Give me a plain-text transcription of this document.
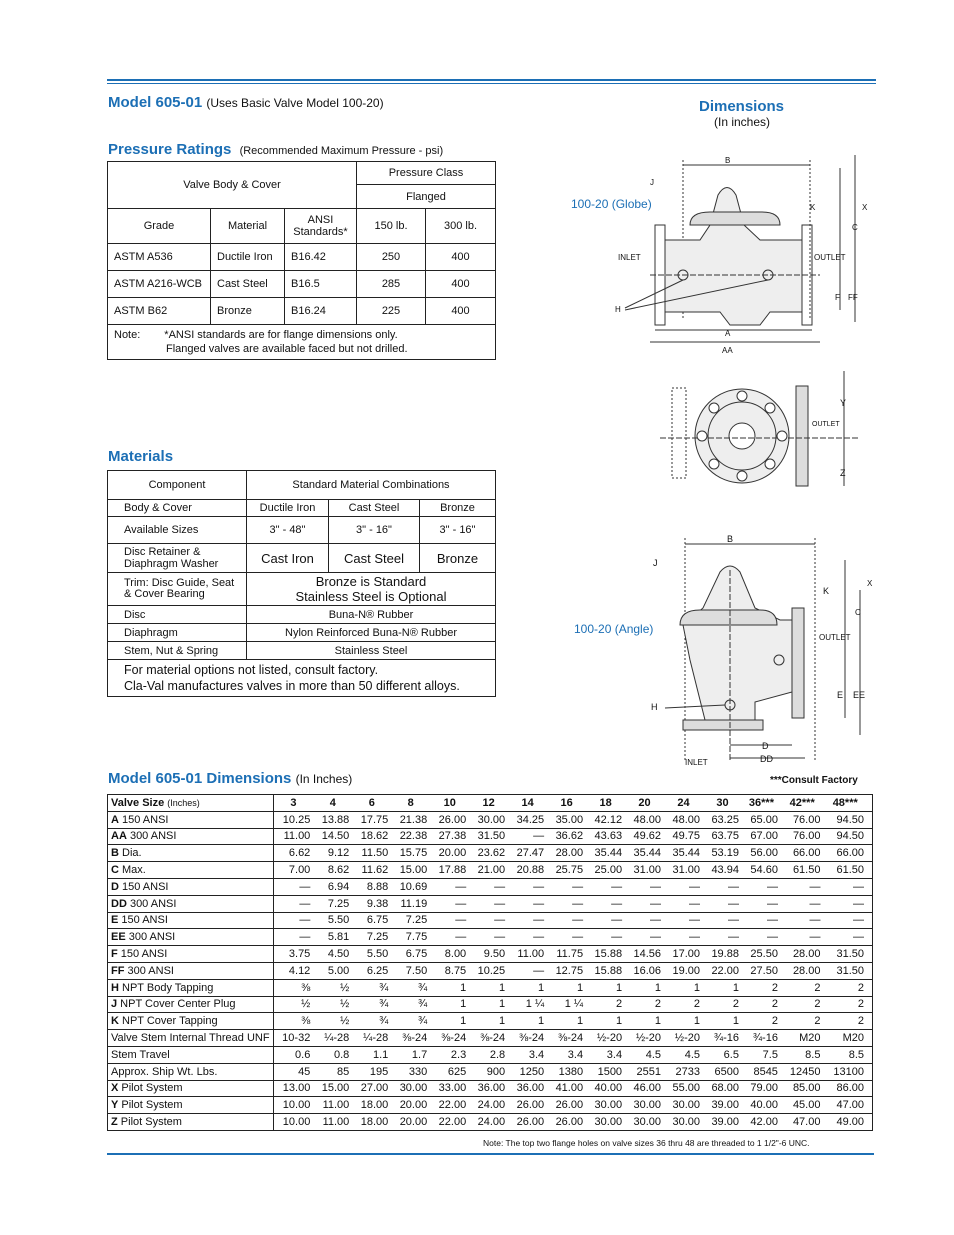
Model 605-01 (Uses Basic Valve Model 100-20)	Dimensions
(In inches)
Pressure Ratings (Recommended Maximum Pressure - psi)
Valve Body & Cover			Pressure Class	
			Flanged	
Grade	Material	ANSI Standards*	150 lb.	300 lb.
ASTM A536	Ductile Iron	B16.42	250	400
ASTM A216-WCB	Cast Steel	B16.5	285	400
ASTM B62	Bronze	B16.24	225	400
Note: *ANSI standards are for flange dimensions only.
Flanged valves are available faced but not drilled.				
Materials
Component	Standard Material Combinations		
Body & Cover	Ductile Iron	Cast Steel	Bronze
Available Sizes	3" - 48"	3" - 16"	3" - 16"
Disc Retainer & Diaphragm Washer	Cast Iron	Cast Steel	Bronze
Trim: Disc Guide, Seat & Cover Bearing	Bronze is Standard
Stainless Steel is Optional		
Disc	Buna-N® Rubber		
Diaphragm	Nylon Reinforced Buna-N® Rubber		
Stem, Nut & Spring	Stainless Steel		
For material options not listed, consult factory.
Cla-Val manufactures valves in more than 50 different alloys.			
100-20 (Globe)
B
J
K	X
C
INLET	OUTLET
H
F FF
A
AA
Y
Z
OUTLET
100-20 (Angle)
B
J
K
X
C
OUTLET
H
E EE
D
DD
INLET
Model 605-01 Dimensions (In Inches)	***Consult Factory
Valve Size (Inches)	3	4	6	8	10	12	14	16	18	20	24	30	36***	42***	48***
A 150 ANSI	10.25	13.88	17.75	21.38	26.00	30.00	34.25	35.00	42.12	48.00	48.00	63.25	65.00	76.00	94.50
AA 300 ANSI	11.00	14.50	18.62	22.38	27.38	31.50	—	36.62	43.63	49.62	49.75	63.75	67.00	76.00	94.50
B Dia.	6.62	9.12	11.50	15.75	20.00	23.62	27.47	28.00	35.44	35.44	35.44	53.19	56.00	66.00	66.00
C Max.	7.00	8.62	11.62	15.00	17.88	21.00	20.88	25.75	25.00	31.00	31.00	43.94	54.60	61.50	61.50
D 150 ANSI	—	6.94	8.88	10.69	—	—	—	—	—	—	—	—	—	—	—
DD 300 ANSI	—	7.25	9.38	11.19	—	—	—	—	—	—	—	—	—	—	—
E 150 ANSI	—	5.50	6.75	7.25	—	—	—	—	—	—	—	—	—	—	—
EE 300 ANSI	—	5.81	7.25	7.75	—	—	—	—	—	—	—	—	—	—	—
F 150 ANSI	3.75	4.50	5.50	6.75	8.00	9.50	11.00	11.75	15.88	14.56	17.00	19.88	25.50	28.00	31.50
FF 300 ANSI	4.12	5.00	6.25	7.50	8.75	10.25	—	12.75	15.88	16.06	19.00	22.00	27.50	28.00	31.50
H NPT Body Tapping	⅜	½	¾	¾	1	1	1	1	1	1	1	1	2	2	2
J NPT Cover Center Plug	½	½	¾	¾	1	1	1 ¼	1 ¼	2	2	2	2	2	2	2
K NPT Cover Tapping	⅜	½	¾	¾	1	1	1	1	1	1	1	1	2	2	2
Valve Stem Internal Thread UNF	10-32	¼-28	¼-28	⅜-24	⅜-24	⅜-24	⅜-24	⅜-24	½-20	½-20	½-20	¾-16	¾-16	M20	M20
Stem Travel	0.6	0.8	1.1	1.7	2.3	2.8	3.4	3.4	3.4	4.5	4.5	6.5	7.5	8.5	8.5
Approx. Ship Wt. Lbs.	45	85	195	330	625	900	1250	1380	1500	2551	2733	6500	8545	12450	13100
X Pilot System	13.00	15.00	27.00	30.00	33.00	36.00	36.00	41.00	40.00	46.00	55.00	68.00	79.00	85.00	86.00
Y Pilot System	10.00	11.00	18.00	20.00	22.00	24.00	26.00	26.00	30.00	30.00	30.00	39.00	40.00	45.00	47.00
Z Pilot System	10.00	11.00	18.00	20.00	22.00	24.00	26.00	26.00	30.00	30.00	30.00	39.00	42.00	47.00	49.00
Note: The top two flange holes on valve sizes 36 thru 48 are threaded to 1 1/2"-6 UNC.
